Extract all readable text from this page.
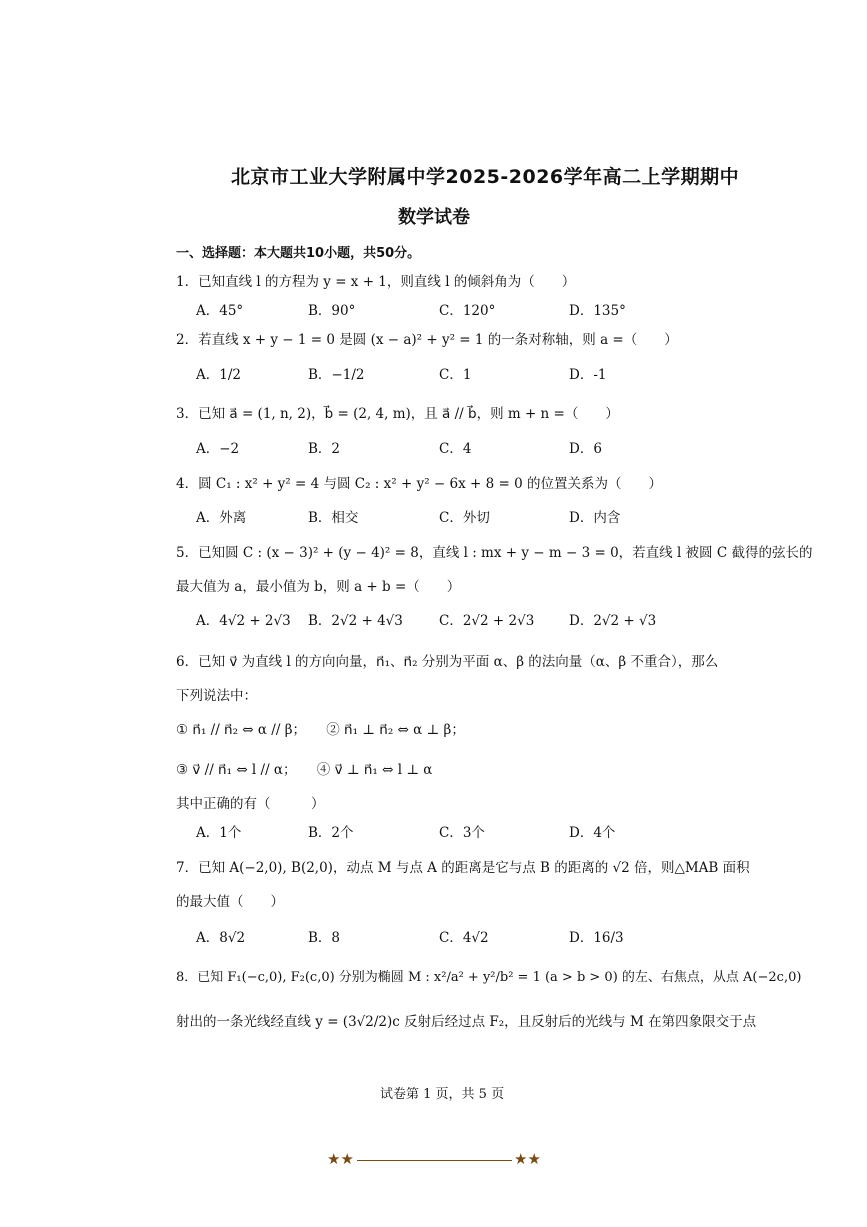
北京市工业大学附属中学2025-2026学年高二上学期期中
数学试卷
一、选择题：本大题共10小题，共50分。
1．已知直线 l 的方程为 y = x + 1，则直线 l 的倾斜角为（　　）
A．45°	B．90°	C．120°	D．135°
2．若直线 x + y − 1 = 0 是圆 (x − a)² + y² = 1 的一条对称轴，则 a =（　　）
A．1/2	B．−1/2	C．1	D．-1
3．已知 a⃗ = (1, n, 2)，b⃗ = (2, 4, m)，且 a⃗ // b⃗，则 m + n =（　　）
A．−2	B．2	C．4	D．6
4．圆 C₁ : x² + y² = 4 与圆 C₂ : x² + y² − 6x + 8 = 0 的位置关系为（　　）
A．外离	B．相交	C．外切	D．内含
5．已知圆 C : (x − 3)² + (y − 4)² = 8，直线 l : mx + y − m − 3 = 0，若直线 l 被圆 C 截得的弦长的
最大值为 a，最小值为 b，则 a + b =（　　）
A．4√2 + 2√3 B．2√2 + 4√3	C．2√2 + 2√3	D．2√2 + √3
6．已知 v⃗ 为直线 l 的方向向量，n⃗₁、n⃗₂ 分别为平面 α、β 的法向量（α、β 不重合），那么
下列说法中：
① n⃗₁ // n⃗₂ ⇔ α // β；　　② n⃗₁ ⊥ n⃗₂ ⇔ α ⊥ β；
③ v⃗ // n⃗₁ ⇔ l // α；　　④ v⃗ ⊥ n⃗₁ ⇔ l ⊥ α
其中正确的有（　　　）
A．1个	B．2个	C．3个	D．4个
7．已知 A(−2,0), B(2,0)，动点 M 与点 A 的距离是它与点 B 的距离的 √2 倍，则△MAB 面积
的最大值（　　）
A．8√2	B．8	C．4√2	D．16/3
8．已知 F₁(−c,0), F₂(c,0) 分别为椭圆 M : x²/a² + y²/b² = 1 (a > b > 0) 的左、右焦点，从点 A(−2c,0)
射出的一条光线经直线 y = (3√2/2)c 反射后经过点 F₂，且反射后的光线与 M 在第四象限交于点
试卷第 1 页，共 5 页
★★	★★
